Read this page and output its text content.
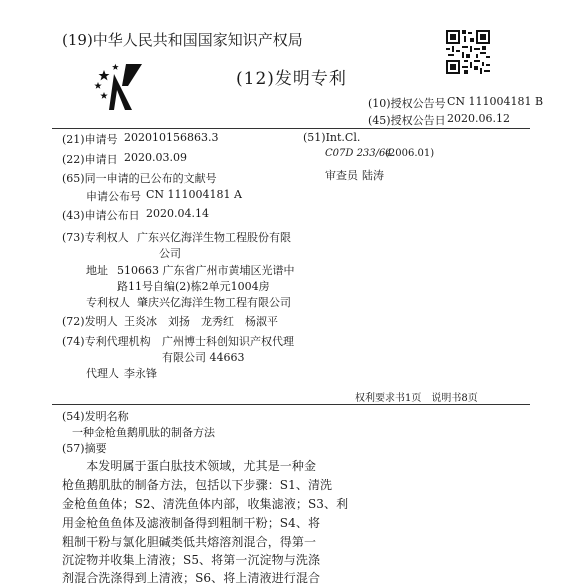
(19)中华人民共和国国家知识产权局
(12)发明专利
(10)授权公告号 CN 111004181 B
(45)授权公告日 2020.06.12
(21)申请号 202010156863.3
(22)申请日 2020.03.09
(65)同一申请的已公布的文献号
申请公布号 CN 111004181 A
(43)申请公布日 2020.04.14
(73)专利权人 广东兴亿海洋生物工程股份有限
公司
地址 510663 广东省广州市黄埔区光谱中
路11号自编(2)栋2单元1004房
专利权人 肇庆兴亿海洋生物工程有限公司
(72)发明人 王炎冰　刘扬　龙秀红　杨淑平
(74)专利代理机构 广州博士科创知识产权代理
有限公司 44663
代理人 李永锋
(51)Int.Cl.
C07D 233/64
(2006.01)
审查员 陆涛
权利要求书1页　说明书8页
(54)发明名称
一种金枪鱼鹅肌肽的制备方法
(57)摘要
　　本发明属于蛋白肽技术领域，尤其是一种金
枪鱼鹅肌肽的制备方法，包括以下步骤：S1、清洗
金枪鱼鱼体；S2、清洗鱼体内部，收集滤液；S3、利
用金枪鱼鱼体及滤液制备得到粗制干粉；S4、将
粗制干粉与氯化胆碱类低共熔溶剂混合，得第一
沉淀物并收集上清液；S5、将第一沉淀物与洗涤
剂混合洗涤得到上清液；S6、将上清液进行混合
